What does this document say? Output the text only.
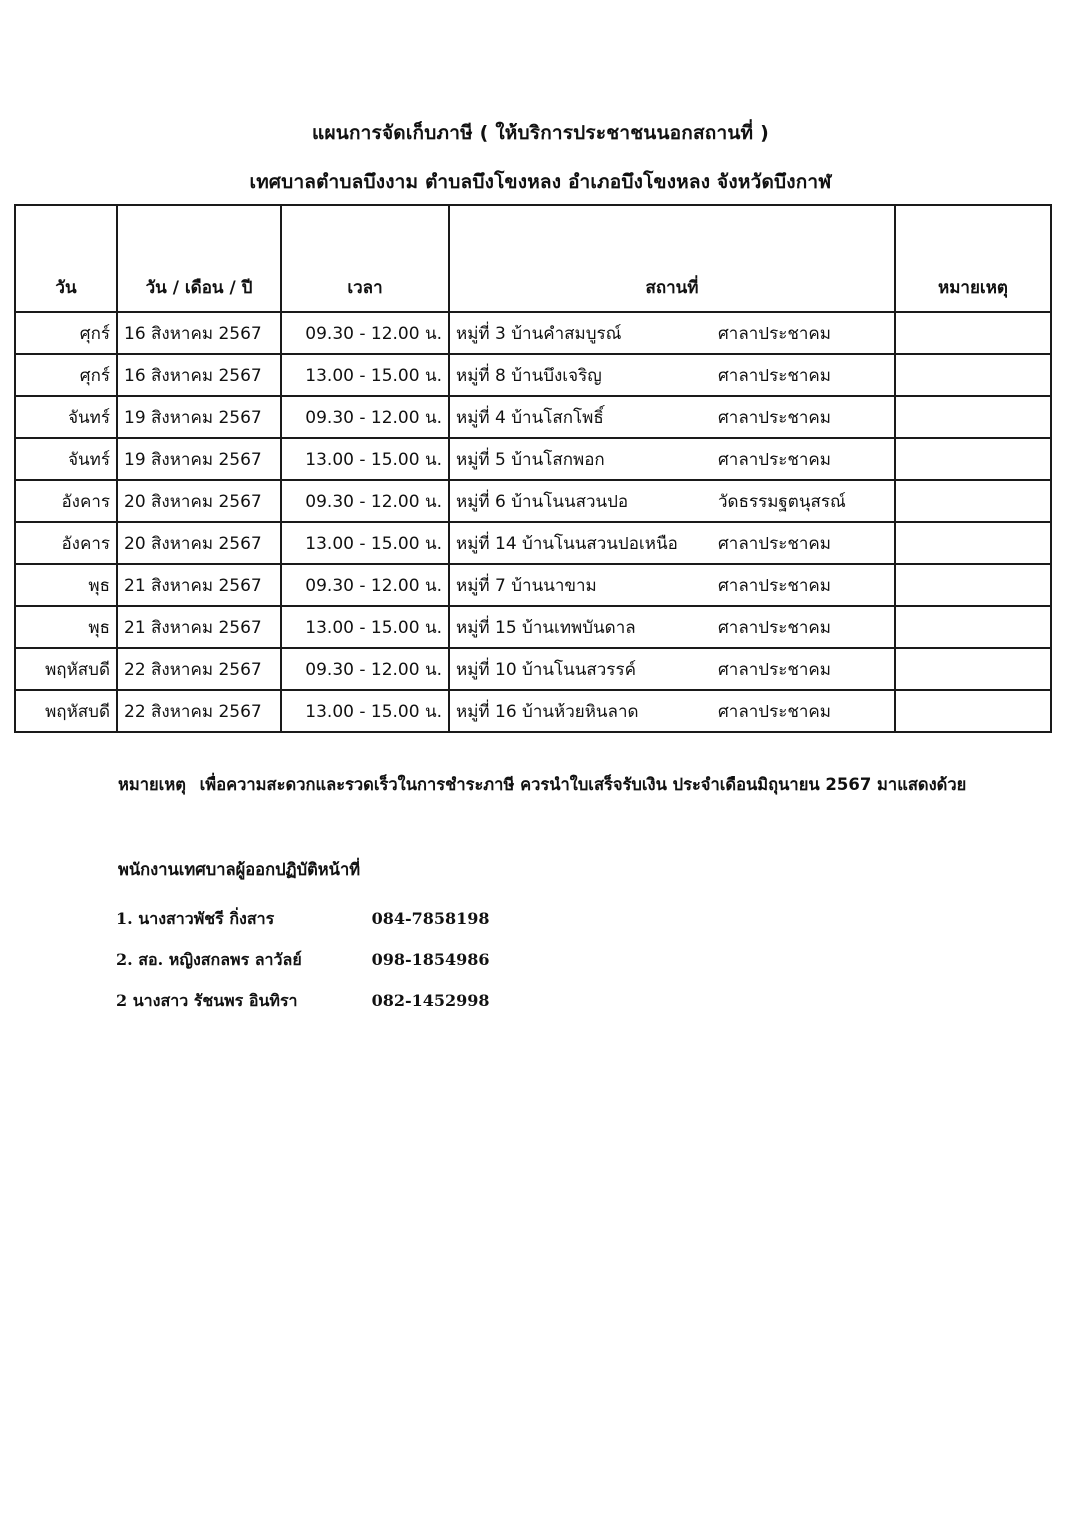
แผนการจัดเก็บภาษี ( ให้บริการประชาชนนอกสถานที่ )
เทศบาลตำบลบึงงาม ตำบลบึงโขงหลง อำเภอบึงโขงหลง จังหวัดบึงกาฬ
วัน	วัน / เดือน / ปี	เวลา	สถานที่	หมายเหตุ
ศุกร์	16 สิงหาคม 2567	09.30 - 12.00 น.	หมู่ที่ 3 บ้านคำสมบูรณ์ ศาลาประชาคม	
ศุกร์	16 สิงหาคม 2567	13.00 - 15.00 น.	หมู่ที่ 8 บ้านบึงเจริญ ศาลาประชาคม	
จันทร์	19 สิงหาคม 2567	09.30 - 12.00 น.	หมู่ที่ 4 บ้านโสกโพธิ์ ศาลาประชาคม	
จันทร์	19 สิงหาคม 2567	13.00 - 15.00 น.	หมู่ที่ 5 บ้านโสกพอก ศาลาประชาคม	
อังคาร	20 สิงหาคม 2567	09.30 - 12.00 น.	หมู่ที่ 6 บ้านโนนสวนปอ วัดธรรมฐตนุสรณ์	
อังคาร	20 สิงหาคม 2567	13.00 - 15.00 น.	หมู่ที่ 14 บ้านโนนสวนปอเหนือ ศาลาประชาคม	
พุธ	21 สิงหาคม 2567	09.30 - 12.00 น.	หมู่ที่ 7 บ้านนาขาม ศาลาประชาคม	
พุธ	21 สิงหาคม 2567	13.00 - 15.00 น.	หมู่ที่ 15 บ้านเทพบันดาล ศาลาประชาคม	
พฤหัสบดี	22 สิงหาคม 2567	09.30 - 12.00 น.	หมู่ที่ 10 บ้านโนนสวรรค์ ศาลาประชาคม	
พฤหัสบดี	22 สิงหาคม 2567	13.00 - 15.00 น.	หมู่ที่ 16 บ้านห้วยหินลาด ศาลาประชาคม	
หมายเหตุ เพื่อความสะดวกและรวดเร็วในการชำระภาษี ควรนำใบเสร็จรับเงิน ประจำเดือนมิถุนายน 2567 มาแสดงด้วย
พนักงานเทศบาลผู้ออกปฏิบัติหน้าที่
1. นางสาวพัชรี กิ่งสาร	084-7858198
2. สอ. หญิงสกลพร ลาวัลย์	098-1854986
2 นางสาว รัชนพร อินทิรา	082-1452998
